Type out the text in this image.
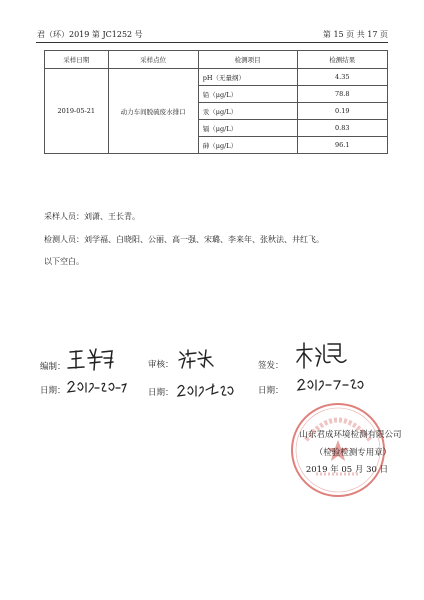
君（环）2019 第 JC1252 号	第 15 页 共 17 页
采样日期	采样点位	检测项目	检测结果
2019-05-21	动力车间脱硫废水排口	pH（无量纲）	4.35
		铅（μg/L）	78.8
		汞（μg/L）	0.19
		镉（μg/L）	0.83
		砷（μg/L）	96.1
采样人员：刘潇、王长青。
检测人员：刘学福、白晓阳、公丽、高一强、宋璐、李来年、张秋法、井红飞。
以下空白。
编制：	审核：	签发：
日期：	日期：	日期：
山东君成环境检测有限公司
（检验检测专用章）
2019 年 05 月 30 日
